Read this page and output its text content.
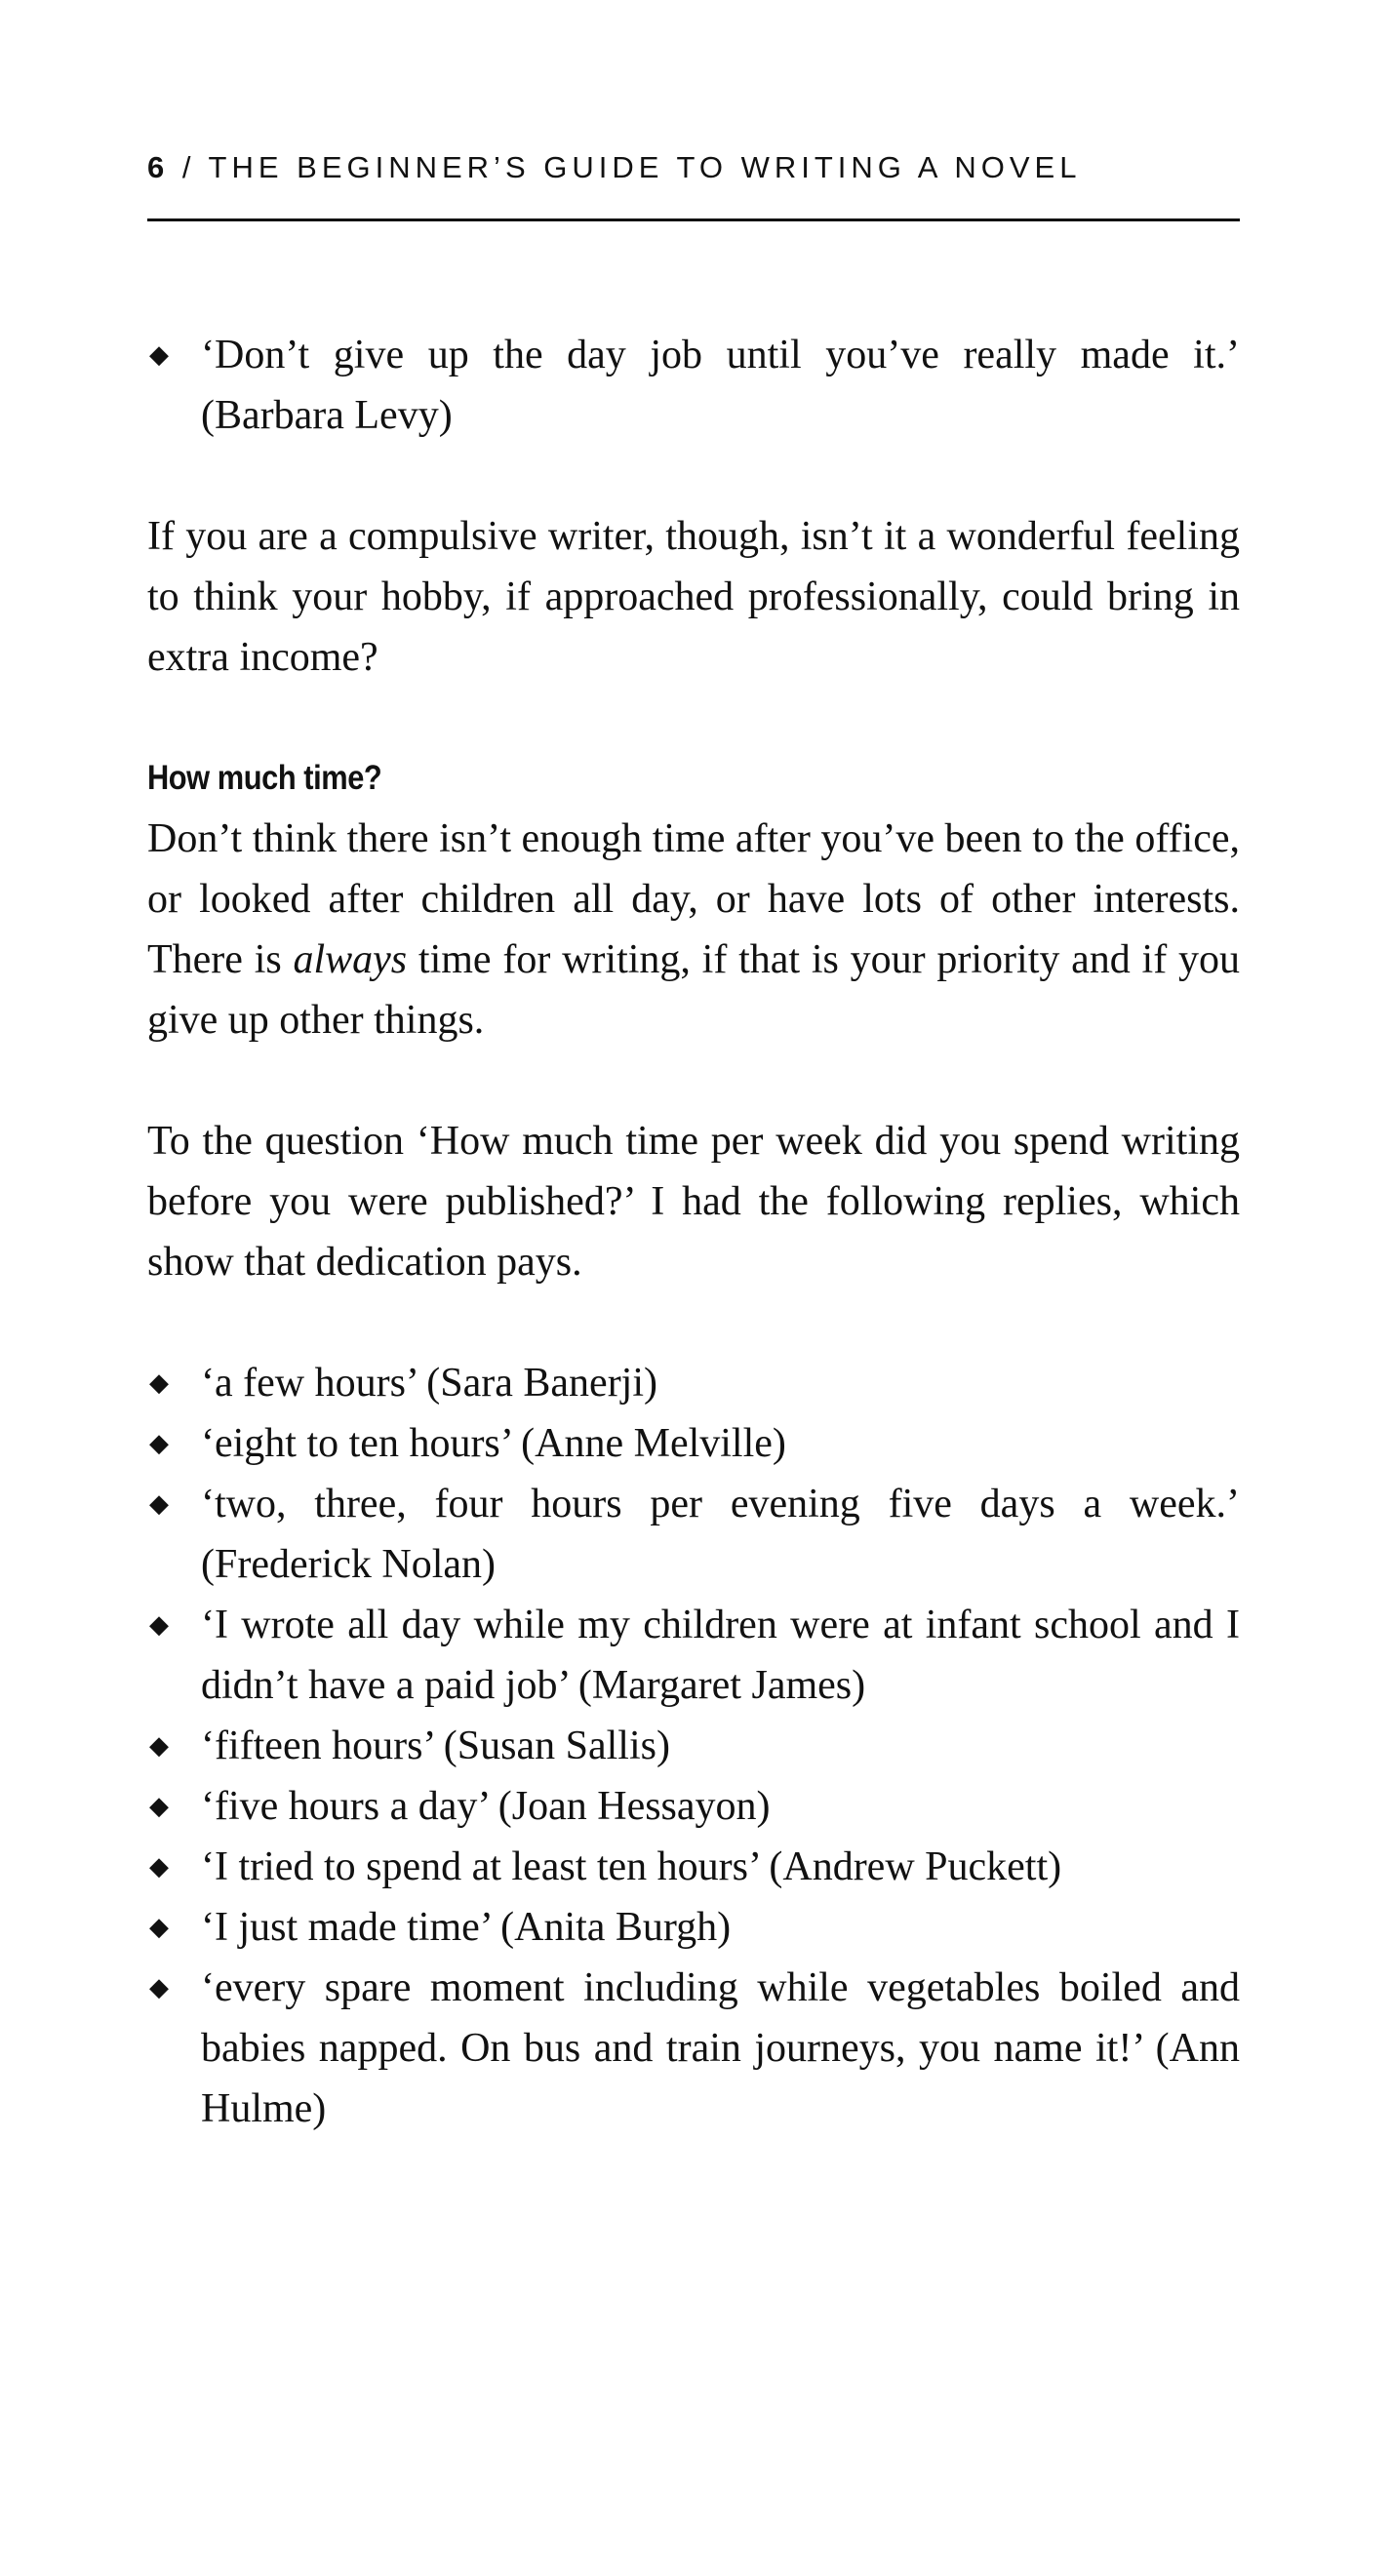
6 / THE BEGINNER’S GUIDE TO WRITING A NOVEL
◆ ‘Don’t give up the day job until you’ve really made it.’ (Barbara Levy)

If you are a compulsive writer, though, isn’t it a wonderful feeling to think your hobby, if approached professionally, could bring in extra income?

How much time?

Don’t think there isn’t enough time after you’ve been to the office, or looked after children all day, or have lots of other interests. There is always time for writing, if that is your priority and if you give up other things.

To the question ‘How much time per week did you spend writing before you were published?’ I had the following replies, which show that dedication pays.

◆ ‘a few hours’ (Sara Banerji)
◆ ‘eight to ten hours’ (Anne Melville)
◆ ‘two, three, four hours per evening five days a week.’ (Frederick Nolan)
◆ ‘I wrote all day while my children were at infant school and I didn’t have a paid job’ (Margaret James)
◆ ‘fifteen hours’ (Susan Sallis)
◆ ‘five hours a day’ (Joan Hessayon)
◆ ‘I tried to spend at least ten hours’ (Andrew Puckett)
◆ ‘I just made time’ (Anita Burgh)
◆ ‘every spare moment including while vegetables boiled and babies napped. On bus and train journeys, you name it!’ (Ann Hulme)
